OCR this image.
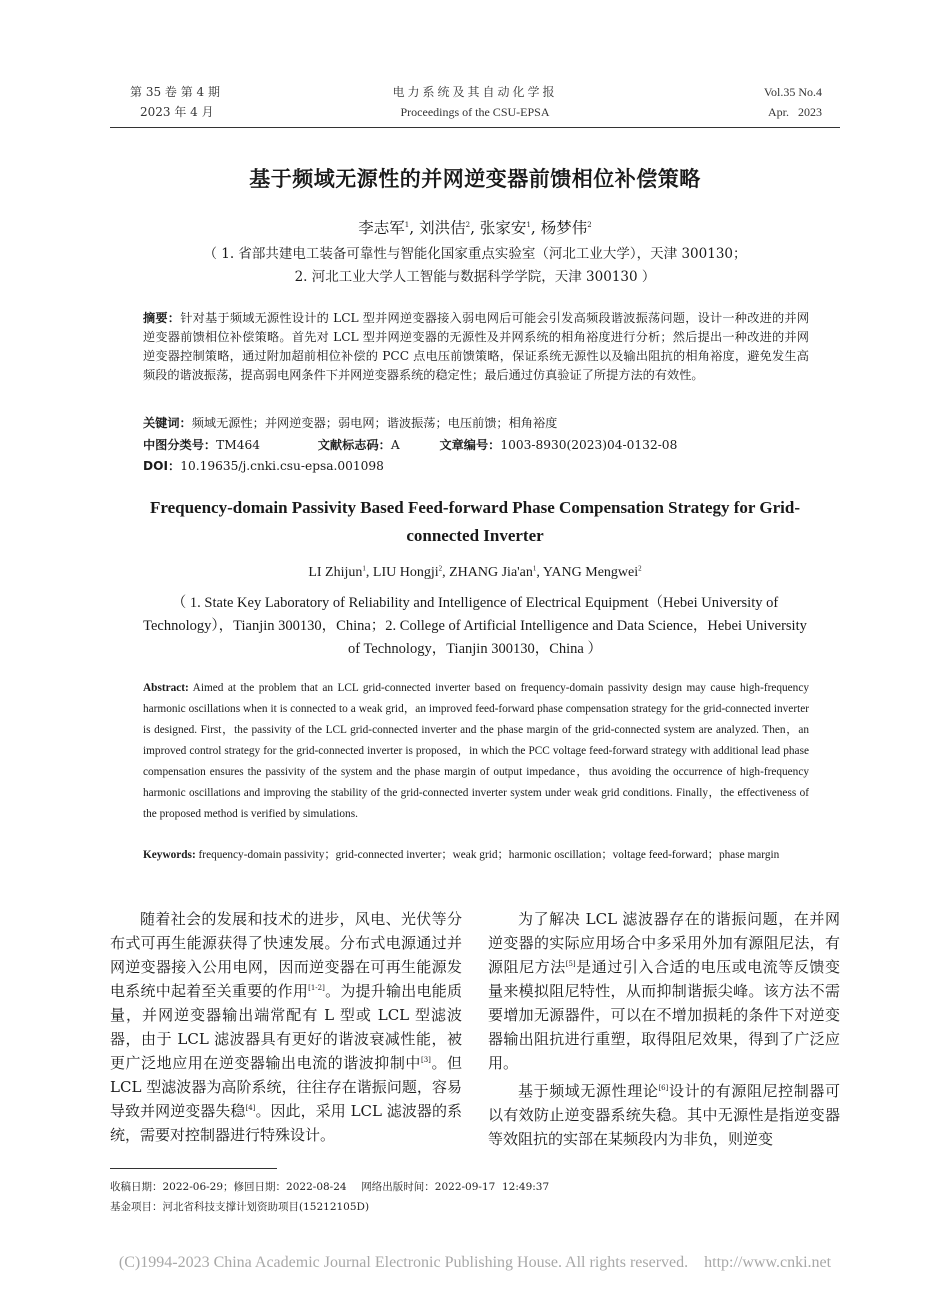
第 35 卷 第 4 期
2023 年 4 月
电力系统及其自动化学报
Proceedings of the CSU-EPSA
Vol.35 No.4
Apr.   2023
基于频域无源性的并网逆变器前馈相位补偿策略
李志军$^1$, 刘洪佶$^2$, 张家安$^1$, 杨梦伟$^2$
（ 1. 省部共建电工装备可靠性与智能化国家重点实验室（河北工业大学），天津 300130；
2. 河北工业大学人工智能与数据科学学院，天津 300130 ）
摘要：针对基于频域无源性设计的 LCL 型并网逆变器接入弱电网后可能会引发高频段谐波振荡问题，设计一种改进的并网逆变器前馈相位补偿策略。首先对 LCL 型并网逆变器的无源性及并网系统的相角裕度进行分析；然后提出一种改进的并网逆变器控制策略，通过附加超前相位补偿的 PCC 点电压前馈策略，保证系统无源性以及输出阻抗的相角裕度，避免发生高频段的谐波振荡，提高弱电网条件下并网逆变器系统的稳定性；最后通过仿真验证了所提方法的有效性。
关键词：频域无源性；并网逆变器；弱电网；谐波振荡；电压前馈；相角裕度
中图分类号：TM464	文献标志码：A	文章编号：1003-8930(2023)04-0132-08
DOI：10.19635/j.cnki.csu-epsa.001098
Frequency-domain Passivity Based Feed-forward Phase Compensation Strategy for Grid-
connected Inverter
LI Zhijun$^1$, LIU Hongji$^2$, ZHANG $Jia'an^1$, YANG Mengwei$^2$
（ 1. State Key Laboratory of Reliability and Intelligence of Electrical Equipment（Hebei University of
Technology），Tianjin 300130，China；2. College of Artificial Intelligence and Data Science，Hebei University
of Technology，Tianjin 300130，China ）
Abstract: Aimed at the problem that an LCL grid-connected inverter based on frequency-domain passivity design may cause high-frequency harmonic oscillations when it is connected to a weak grid，an improved feed-forward phase compensation strategy for the grid-connected inverter is designed. First，the passivity of the LCL grid-connected inverter and the phase margin of the grid-connected system are analyzed. Then，an improved control strategy for the grid-connected inverter is proposed，in which the PCC voltage feed-forward strategy with additional lead phase compensation ensures the passivity of the system and the phase margin of output impedance，thus avoiding the occurrence of high-frequency harmonic oscillations and improving the stability of the grid-connected inverter system under weak grid conditions. Finally，the effectiveness of the proposed method is verified by simulations.
Keywords: frequency-domain passivity；grid-connected inverter；weak grid；harmonic oscillation；voltage feed-forward；phase margin

随着社会的发展和技术的进步，风电、光伏等分布式可再生能源获得了快速发展。分布式电源通过并网逆变器接入公用电网，因而逆变器在可再生能源发电系统中起着至关重要的作用[1-2]。为提升输出电能质量，并网逆变器输出端常配有 L 型或 LCL 型滤波器，由于 LCL 滤波器具有更好的谐波衰减性能，被更广泛地应用在逆变器输出电流的谐波抑制中[3]。但 LCL 型滤波器为高阶系统，往往存在谐振问题，容易导致并网逆变器失稳[4]。因此，采用 LCL 滤波器的系统，需要对控制器进行特殊设计。

为了解决 LCL 滤波器存在的谐振问题，在并网逆变器的实际应用场合中多采用外加有源阻尼法，有源阻尼方法[5]是通过引入合适的电压或电流等反馈变量来模拟阻尼特性，从而抑制谐振尖峰。该方法不需要增加无源器件，可以在不增加损耗的条件下对逆变器输出阻抗进行重塑，取得阻尼效果，得到了广泛应用。

基于频域无源性理论[6]设计的有源阻尼控制器可以有效防止逆变器系统失稳。其中无源性是指逆变器等效阻抗的实部在某频段内为非负，则逆变

收稿日期：2022-06-29；修回日期：2022-08-24 网络出版时间：2022-09-17  12:49:37
基金项目：河北省科技支撑计划资助项目(15212105D)
(C)1994-2023 China Academic Journal Electronic Publishing House. All rights reserved.    http://www.cnki.net
